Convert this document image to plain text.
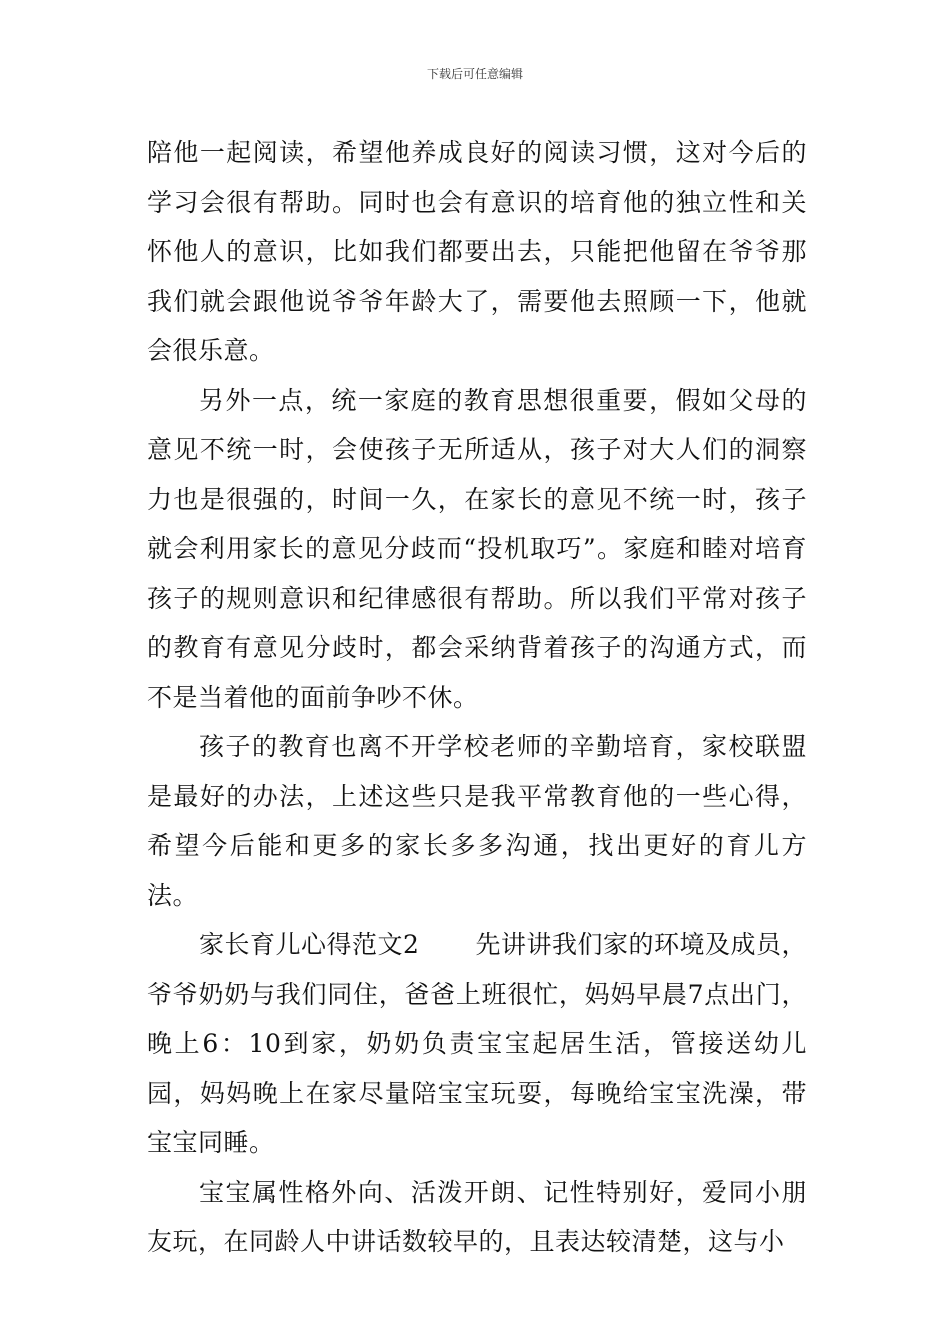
下载后可任意编辑

陪他一起阅读，希望他养成良好的阅读习惯，这对今后的学习会很有帮助。同时也会有意识的培育他的独立性和关怀他人的意识，比如我们都要出去，只能把他留在爷爷那我们就会跟他说爷爷年龄大了，需要他去照顾一下，他就会很乐意。

另外一点，统一家庭的教育思想很重要，假如父母的意见不统一时，会使孩子无所适从，孩子对大人们的洞察力也是很强的，时间一久，在家长的意见不统一时，孩子就会利用家长的意见分歧而“投机取巧”。家庭和睦对培育孩子的规则意识和纪律感很有帮助。所以我们平常对孩子的教育有意见分歧时，都会采纳背着孩子的沟通方式，而不是当着他的面前争吵不休。

孩子的教育也离不开学校老师的辛勤培育，家校联盟是最好的办法，上述这些只是我平常教育他的一些心得，希望今后能和更多的家长多多沟通，找出更好的育儿方法。

家长育儿心得范文2 先讲讲我们家的环境及成员，爷爷奶奶与我们同住，爸爸上班很忙，妈妈早晨7点出门，晚上6：10到家，奶奶负责宝宝起居生活，管接送幼儿园，妈妈晚上在家尽量陪宝宝玩耍，每晚给宝宝洗澡，带宝宝同睡。

宝宝属性格外向、活泼开朗、记性特别好，爱同小朋友玩，在同龄人中讲话数较早的，且表达较清楚，这与小
